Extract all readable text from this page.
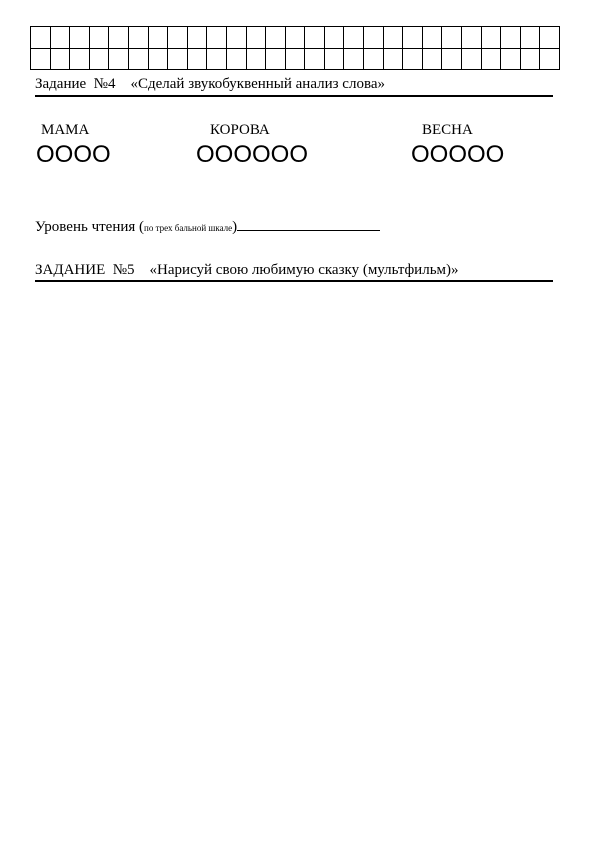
Задание  №4    «Сделай звукобуквенный анализ слова»
МАМА
ОООО
КОРОВА
ОООООО
ВЕСНА
ООООО
Уровень чтения (по трех бальной шкале)
ЗАДАНИЕ  №5    «Нарисуй свою любимую сказку (мультфильм)»
